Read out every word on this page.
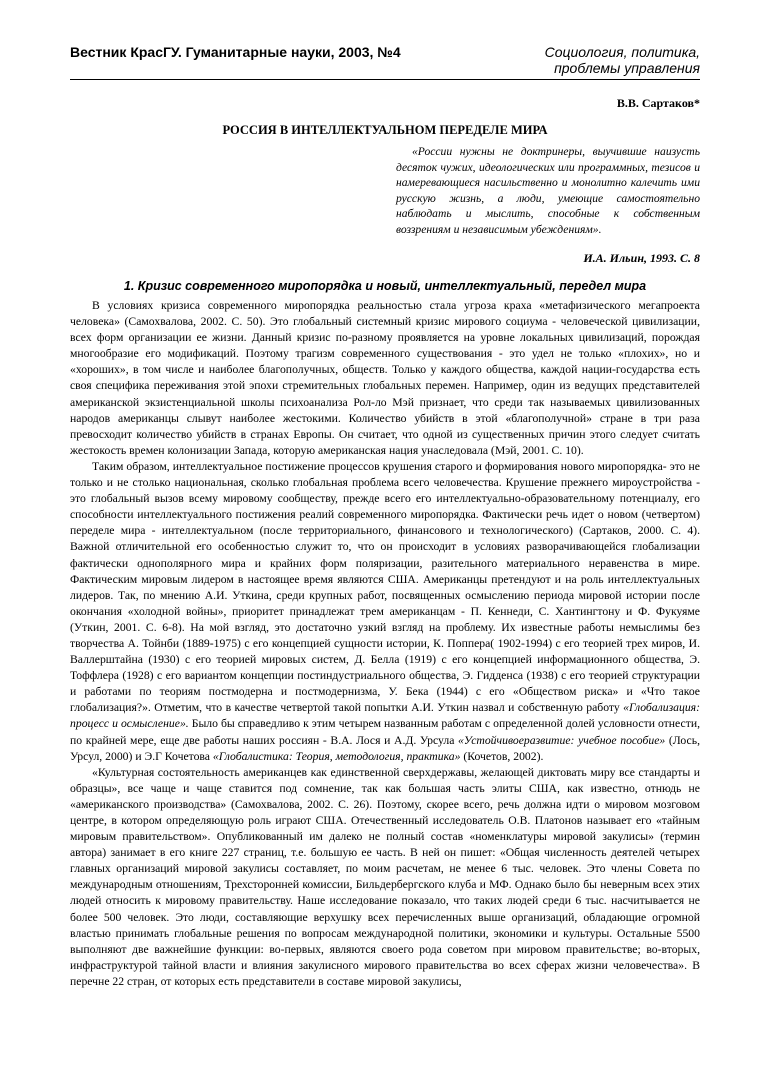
Вестник КрасГУ. Гуманитарные науки, 2003, №4	Социология, политика, проблемы управления
В.В. Сартаков*
РОССИЯ В ИНТЕЛЛЕКТУАЛЬНОМ ПЕРЕДЕЛЕ МИРА
«России нужны не доктринеры, выучившие наизусть десяток чужих, идеологических или программных, тезисов и намеревающиеся насильственно и монолитно калечить ими русскую жизнь, а люди, умеющие самостоятельно наблюдать и мыслить, способные к собственным воззрениям и независимым убеждениям».
И.А. Ильин, 1993. С. 8
1. Кризис современного миропорядка и новый, интеллектуальный, передел мира

В условиях кризиса современного миропорядка реальностью стала угроза краха «метафизического мегапроекта человека» (Самохвалова, 2002. С. 50). Это глобальный системный кризис мирового социума - человеческой цивилизации, всех форм организации ее жизни. Данный кризис по-разному проявляется на уровне локальных цивилизаций, порождая многообразие его модификаций. Поэтому трагизм современного существования - это удел не только «плохих», но и «хороших», в том числе и наиболее благополучных, обществ. Только у каждого общества, каждой нации-государства есть своя специфика переживания этой эпохи стремительных глобальных перемен. Например, один из ведущих представителей американской экзистенциальной школы психоанализа Рол-ло Мэй признает, что среди так называемых цивилизованных народов американцы слывут наиболее жестокими. Количество убийств в этой «благополучной» стране в три раза превосходит количество убийств в странах Европы. Он считает, что одной из существенных причин этого следует считать жестокость времен колонизации Запада, которую американская нация унаследовала (Мэй, 2001. С. 10).

Таким образом, интеллектуальное постижение процессов крушения старого и формирования нового миропорядка- это не только и не столько национальная, сколько глобальная проблема всего человечества. Крушение прежнего мироустройства - это глобальный вызов всему мировому сообществу, прежде всего его интеллектуально-образовательному потенциалу, его способности интеллектуального постижения реалий современного миропорядка. Фактически речь идет о новом (четвертом) переделе мира - интеллектуальном (после территориального, финансового и технологического) (Сартаков, 2000. С. 4). Важной отличительной его особенностью служит то, что он происходит в условиях разворачивающейся глобализации фактически однополярного мира и крайних форм поляризации, разительного материального неравенства в мире. Фактическим мировым лидером в настоящее время являются США. Американцы претендуют и на роль интеллектуальных лидеров. Так, по мнению А.И. Уткина, среди крупных работ, посвященных осмыслению периода мировой истории после окончания «холодной войны», приоритет принадлежат трем американцам - П. Кеннеди, С. Хантингтону и Ф. Фукуяме (Уткин, 2001. С. 6-8). На мой взгляд, это достаточно узкий взгляд на проблему. Их известные работы немыслимы без творчества А. Тойнби (1889-1975) с его концепцией сущности истории, К. Поппера( 1902-1994) с его теорией трех миров, И. Валлерштайна (1930) с его теорией мировых систем, Д. Белла (1919) с его концепцией информационного общества, Э. Тоффлера (1928) с его вариантом концепции постиндустриального общества, Э. Гидденса (1938) с его теорией структурации и работами по теориям постмодерна и постмодернизма, У. Бека (1944) с его «Обществом риска» и «Что такое глобализация?». Отметим, что в качестве четвертой такой попытки А.И. Уткин назвал и собственную работу «Глобализация: процесс и осмысление». Было бы справедливо к этим четырем названным работам с определенной долей условности отнести, по крайней мере, еще две работы наших россиян - В.А. Лося и А.Д. Урсула «Устойчивоеразвитие: учебное пособие» (Лось, Урсул, 2000) и Э.Г Кочетова «Глобалистика: Теория, методология, практика» (Кочетов, 2002).

«Культурная состоятельность американцев как единственной сверхдержавы, желающей диктовать миру все стандарты и образцы», все чаще и чаще ставится под сомнение, так как большая часть элиты США, как известно, отнюдь не «американского производства» (Самохвалова, 2002. С. 26). Поэтому, скорее всего, речь должна идти о мировом мозговом центре, в котором определяющую роль играют США. Отечественный исследователь О.В. Платонов называет его «тайным мировым правительством». Опубликованный им далеко не полный состав «номенклатуры мировой закулисы» (термин автора) занимает в его книге 227 страниц, т.е. большую ее часть. В ней он пишет: «Общая численность деятелей четырех главных организаций мировой закулисы составляет, по моим расчетам, не менее 6 тыс. человек. Это члены Совета по международным отношениям, Трехсторонней комиссии, Бильдербергского клуба и МФ. Однако было бы неверным всех этих людей относить к мировому правительству. Наше исследование показало, что таких людей среди 6 тыс. насчитывается не более 500 человек. Это люди, составляющие верхушку всех перечисленных выше организаций, обладающие огромной властью принимать глобальные решения по вопросам международной политики, экономики и культуры. Остальные 5500 выполняют две важнейшие функции: во-первых, являются своего рода советом при мировом правительстве; во-вторых, инфраструктурой тайной власти и влияния закулисного мирового правительства во всех сферах жизни человечества». В перечне 22 стран, от которых есть представители в составе мировой закулисы,
